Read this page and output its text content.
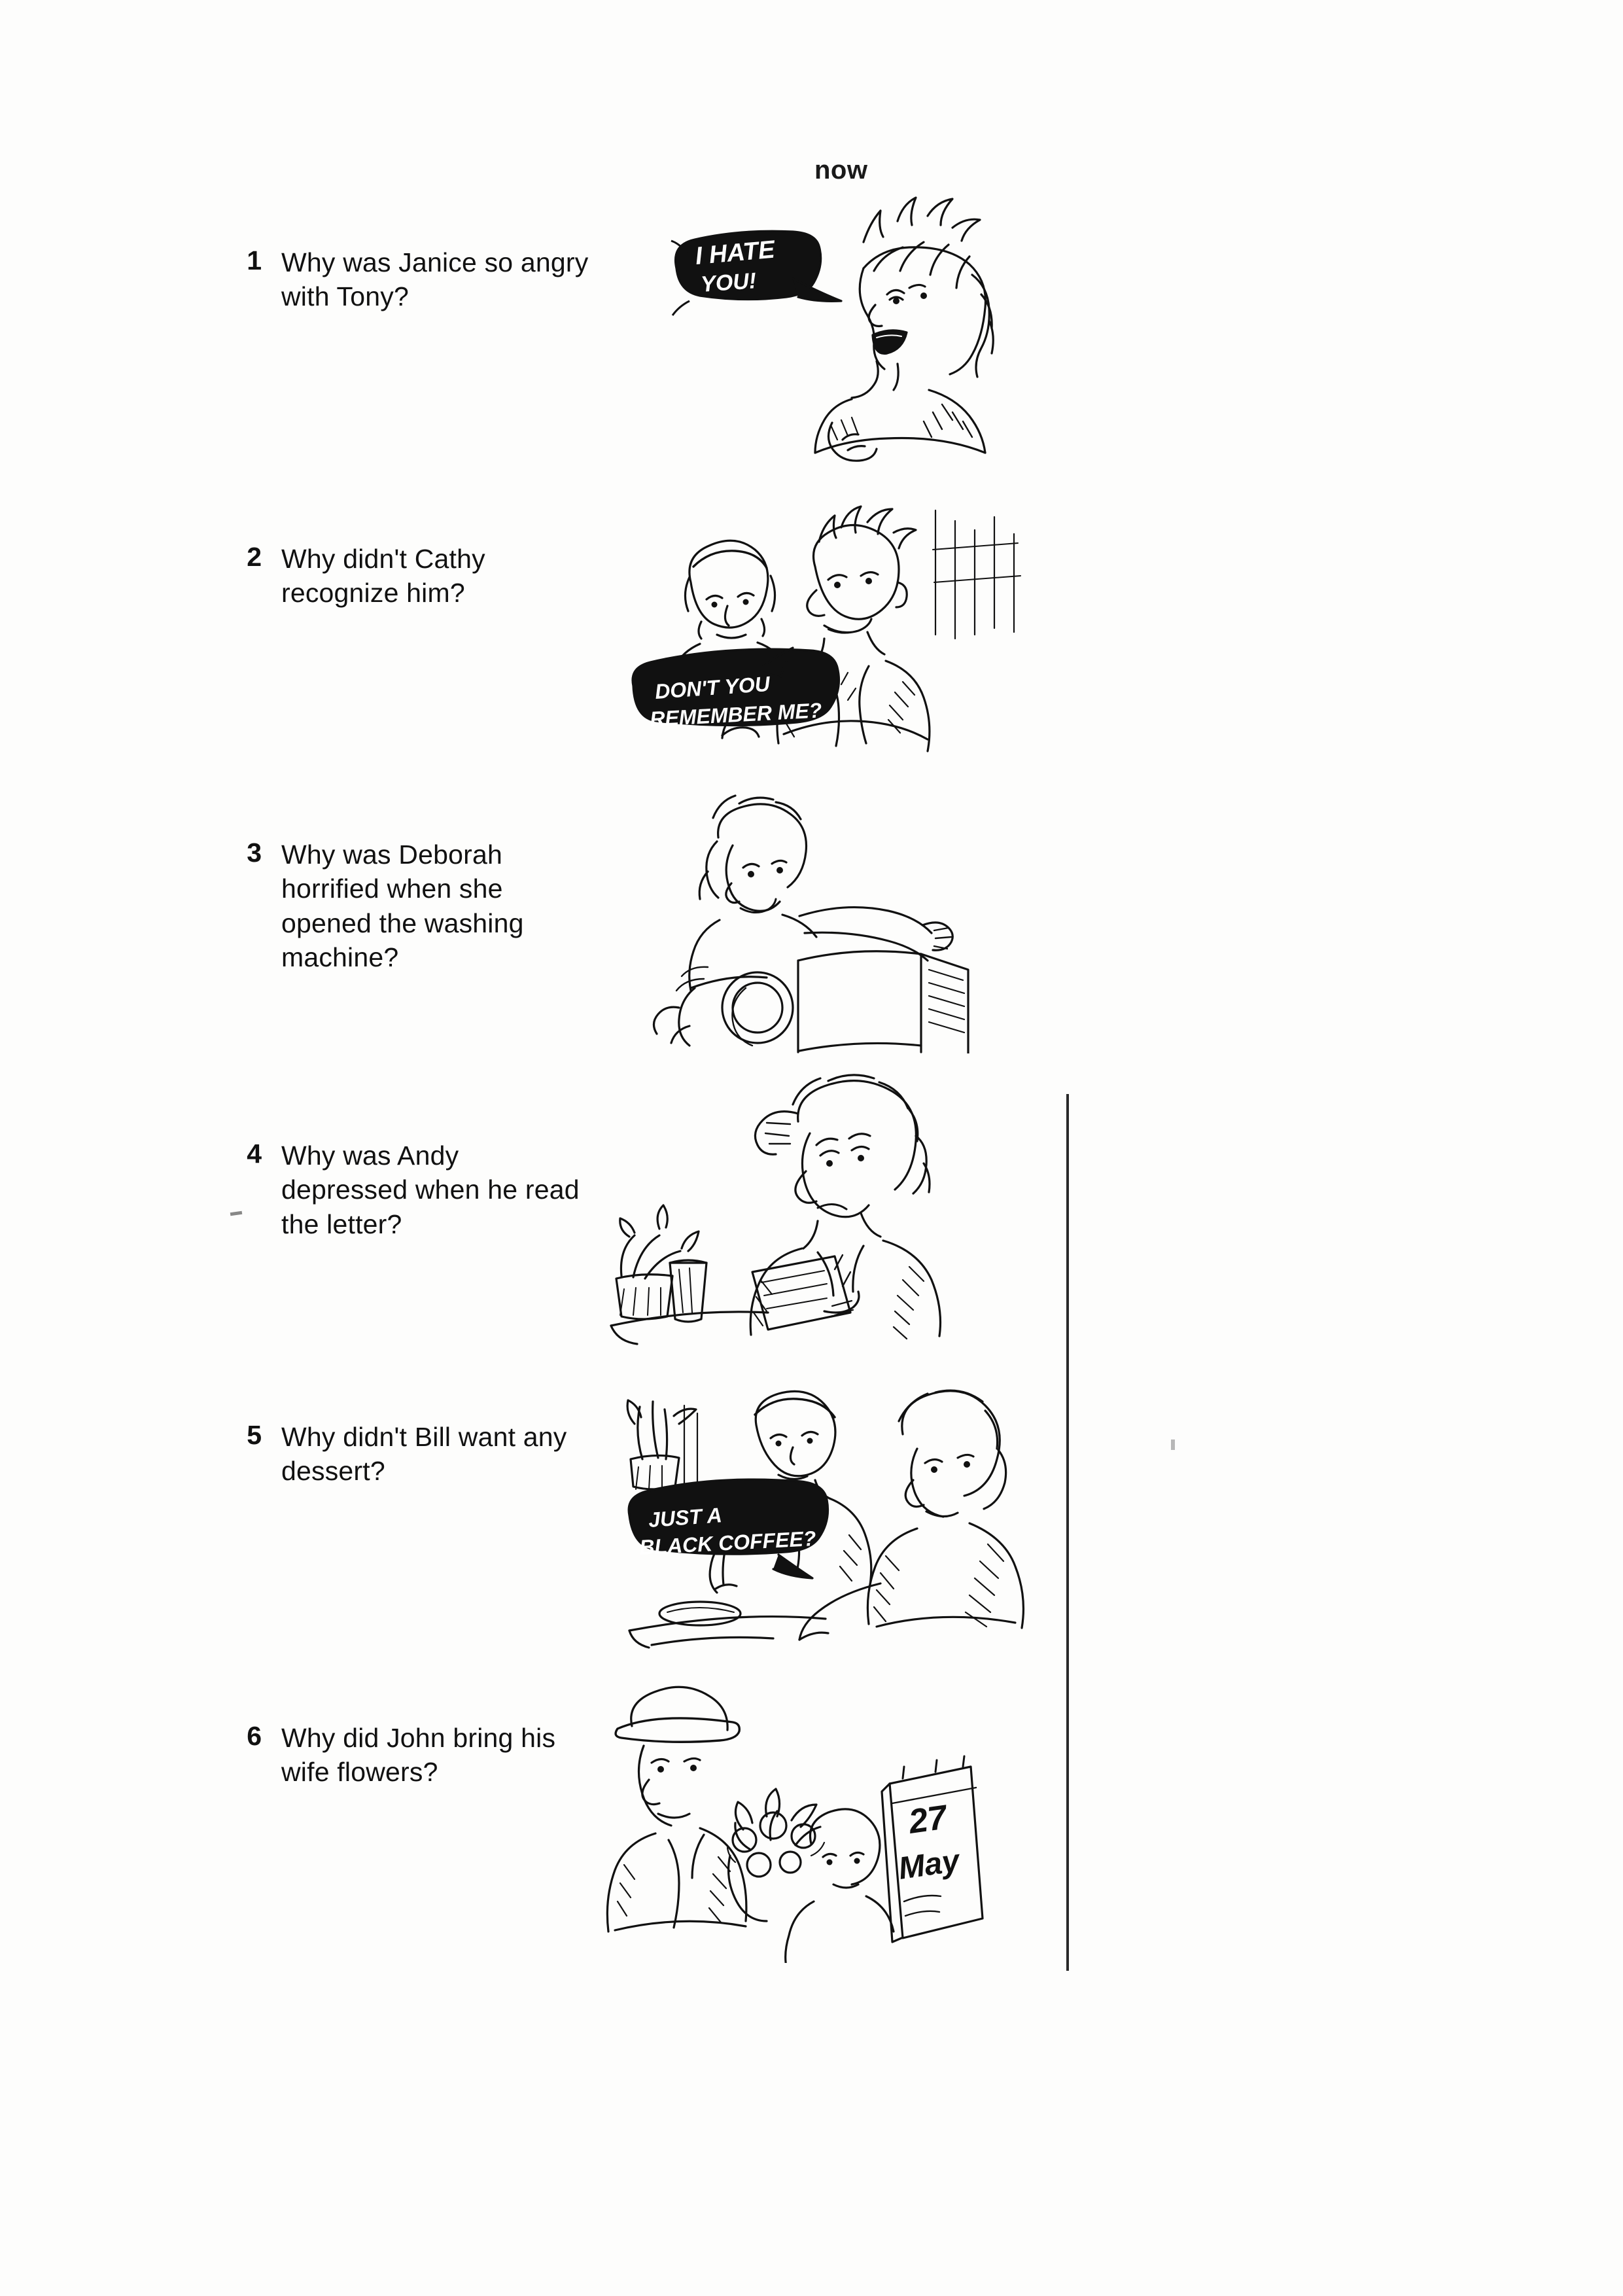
now
1 Why was Janice so angry with Tony?
I HATE
YOU!
2 Why didn't Cathy recognize him?
DON'T YOU
REMEMBER ME?
3 Why was Deborah horrified when she opened the washing machine?
4 Why was Andy depressed when he read the letter?
5 Why didn't Bill want any dessert?
JUST A
BLACK COFFEE?
6 Why did John bring his wife flowers?
27
May
